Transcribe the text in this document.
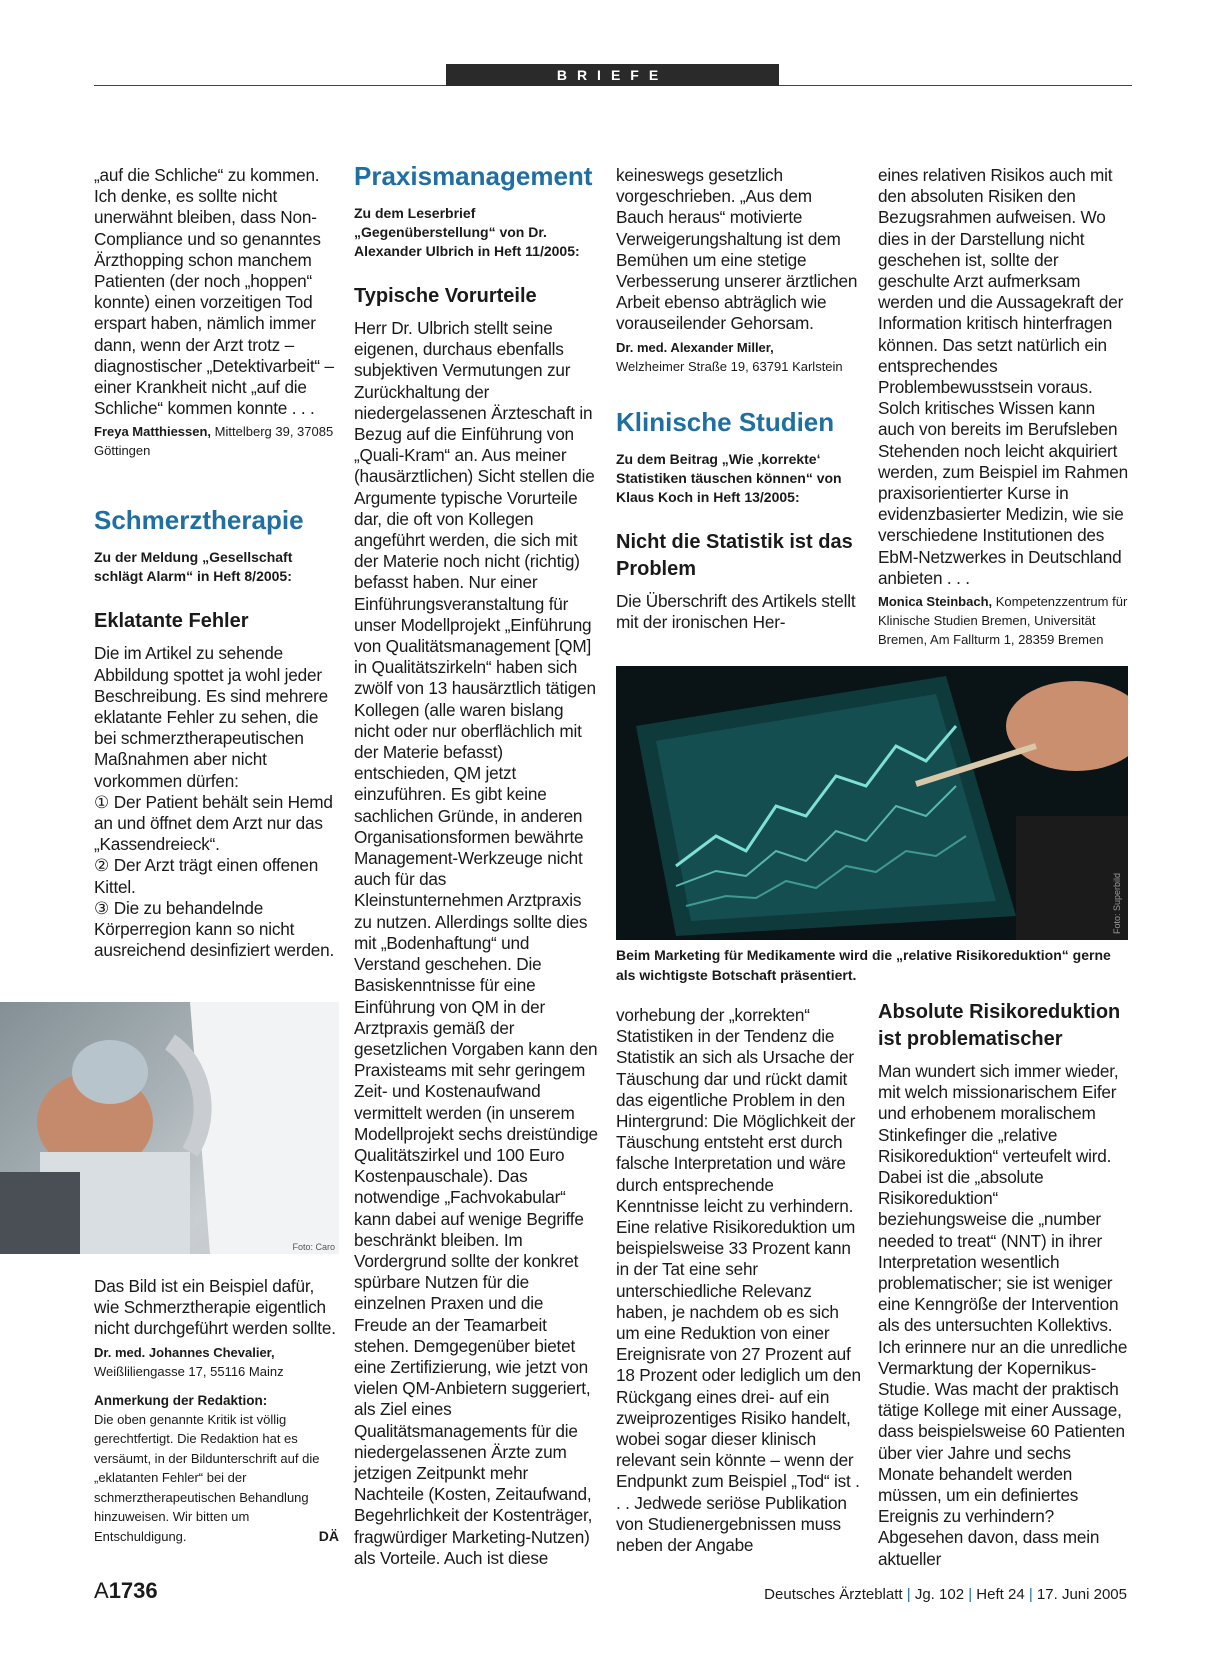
BRIEFE

„auf die Schliche“ zu kommen. Ich denke, es sollte nicht unerwähnt bleiben, dass Non-Compliance und so genanntes Ärzthopping schon manchem Patienten (der noch „hoppen“ konnte) einen vorzeitigen Tod erspart haben, nämlich immer dann, wenn der Arzt trotz – diagnostischer „Detektivarbeit“ – einer Krankheit nicht „auf die Schliche“ kommen konnte . . .

Freya Matthiessen, Mittelberg 39, 37085 Göttingen

Schmerztherapie

Zu der Meldung „Gesellschaft schlägt Alarm“ in Heft 8/2005:

Eklatante Fehler

Die im Artikel zu sehende Abbildung spottet ja wohl jeder Beschreibung. Es sind mehrere eklatante Fehler zu sehen, die bei schmerztherapeutischen Maßnahmen aber nicht vorkommen dürfen:

① Der Patient behält sein Hemd an und öffnet dem Arzt nur das „Kassendreieck“.

② Der Arzt trägt einen offenen Kittel.

③ Die zu behandelnde Körperregion kann so nicht ausreichend desinfiziert werden.

Foto: Caro

Das Bild ist ein Beispiel dafür, wie Schmerztherapie eigentlich nicht durchgeführt werden sollte.

Dr. med. Johannes Chevalier,
Weißliliengasse 17, 55116 Mainz

Anmerkung der Redaktion:

Die oben genannte Kritik ist völlig gerechtfertigt. Die Redaktion hat es versäumt, in der Bildunterschrift auf die „eklatanten Fehler“ bei der schmerztherapeutischen Behandlung hinzuweisen. Wir bitten um Entschuldigung.	DÄ

Praxismanagement

Zu dem Leserbrief „Gegenüberstellung“ von Dr. Alexander Ulbrich in Heft 11/2005:

Typische Vorurteile

Herr Dr. Ulbrich stellt seine eigenen, durchaus ebenfalls subjektiven Vermutungen zur Zurückhaltung der niedergelassenen Ärzteschaft in Bezug auf die Einführung von „Quali-Kram“ an. Aus meiner (hausärztlichen) Sicht stellen die Argumente typische Vorurteile dar, die oft von Kollegen angeführt werden, die sich mit der Materie noch nicht (richtig) befasst haben. Nur einer Einführungsveranstaltung für unser Modellprojekt „Einführung von Qualitätsmanagement [QM] in Qualitätszirkeln“ haben sich zwölf von 13 hausärztlich tätigen Kollegen (alle waren bislang nicht oder nur oberflächlich mit der Materie befasst) entschieden, QM jetzt einzuführen. Es gibt keine sachlichen Gründe, in anderen Organisationsformen bewährte Management-Werkzeuge nicht auch für das Kleinstunternehmen Arztpraxis zu nutzen. Allerdings sollte dies mit „Bodenhaftung“ und Verstand geschehen. Die Basiskenntnisse für eine Einführung von QM in der Arztpraxis gemäß der gesetzlichen Vorgaben kann den Praxisteams mit sehr geringem Zeit- und Kostenaufwand vermittelt werden (in unserem Modellprojekt sechs dreistündige Qualitätszirkel und 100 Euro Kostenpauschale). Das notwendige „Fachvokabular“ kann dabei auf wenige Begriffe beschränkt bleiben. Im Vordergrund sollte der konkret spürbare Nutzen für die einzelnen Praxen und die Freude an der Teamarbeit stehen. Demgegenüber bietet eine Zertifizierung, wie jetzt von vielen QM-Anbietern suggeriert, als Ziel eines Qualitätsmanagements für die niedergelassenen Ärzte zum jetzigen Zeitpunkt mehr Nachteile (Kosten, Zeitaufwand, Begehrlichkeit der Kostenträger, fragwürdiger Marketing-Nutzen) als Vorteile. Auch ist diese

keineswegs gesetzlich vorgeschrieben. „Aus dem Bauch heraus“ motivierte Verweigerungshaltung ist dem Bemühen um eine stetige Verbesserung unserer ärztlichen Arbeit ebenso abträglich wie vorauseilender Gehorsam.

Dr. med. Alexander Miller,
Welzheimer Straße 19, 63791 Karlstein

Klinische Studien

Zu dem Beitrag „Wie ‚korrekte‘ Statistiken täuschen können“ von Klaus Koch in Heft 13/2005:

Nicht die Statistik ist das Problem

Die Überschrift des Artikels stellt mit der ironischen Her-

eines relativen Risikos auch mit den absoluten Risiken den Bezugsrahmen aufweisen. Wo dies in der Darstellung nicht geschehen ist, sollte der geschulte Arzt aufmerksam werden und die Aussagekraft der Information kritisch hinterfragen können. Das setzt natürlich ein entsprechendes Problembewusstsein voraus. Solch kritisches Wissen kann auch von bereits im Berufsleben Stehenden noch leicht akquiriert werden, zum Beispiel im Rahmen praxisorientierter Kurse in evidenzbasierter Medizin, wie sie verschiedene Institutionen des EbM-Netzwerkes in Deutschland anbieten . . .

Monica Steinbach, Kompetenzzentrum für Klinische Studien Bremen, Universität Bremen, Am Fallturm 1, 28359 Bremen

Foto: Superbild

Beim Marketing für Medikamente wird die „relative Risikoreduktion“ gerne als wichtigste Botschaft präsentiert.

vorhebung der „korrekten“ Statistiken in der Tendenz die Statistik an sich als Ursache der Täuschung dar und rückt damit das eigentliche Problem in den Hintergrund: Die Möglichkeit der Täuschung entsteht erst durch falsche Interpretation und wäre durch entsprechende Kenntnisse leicht zu verhindern. Eine relative Risikoreduktion um beispielsweise 33 Prozent kann in der Tat eine sehr unterschiedliche Relevanz haben, je nachdem ob es sich um eine Reduktion von einer Ereignisrate von 27 Prozent auf 18 Prozent oder lediglich um den Rückgang eines drei- auf ein zweiprozentiges Risiko handelt, wobei sogar dieser klinisch relevant sein könnte – wenn der Endpunkt zum Beispiel „Tod“ ist . . . Jedwede seriöse Publikation von Studienergebnissen muss neben der Angabe

Absolute Risikoreduktion ist problematischer

Man wundert sich immer wieder, mit welch missionarischem Eifer und erhobenem moralischem Stinkefinger die „relative Risikoreduktion“ verteufelt wird. Dabei ist die „absolute Risikoreduktion“ beziehungsweise die „number needed to treat“ (NNT) in ihrer Interpretation wesentlich problematischer; sie ist weniger eine Kenngröße der Intervention als des untersuchten Kollektivs. Ich erinnere nur an die unredliche Vermarktung der Kopernikus-Studie. Was macht der praktisch tätige Kollege mit einer Aussage, dass beispielsweise 60 Patienten über vier Jahre und sechs Monate behandelt werden müssen, um ein definiertes Ereignis zu verhindern? Abgesehen davon, dass mein aktueller

A1736	Deutsches Ärzteblatt | Jg. 102 | Heft 24 | 17. Juni 2005
